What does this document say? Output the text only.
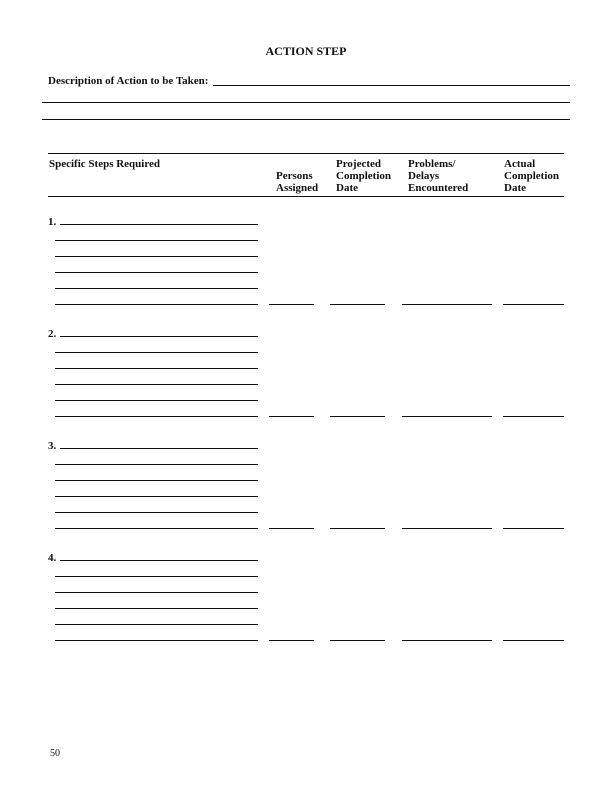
ACTION STEP
Description of Action to be Taken:
Specific Steps Required
Persons
Assigned
Projected
Completion
Date
Problems/
Delays
Encountered
Actual
Completion
Date
1.
2.
3.
4.
50
